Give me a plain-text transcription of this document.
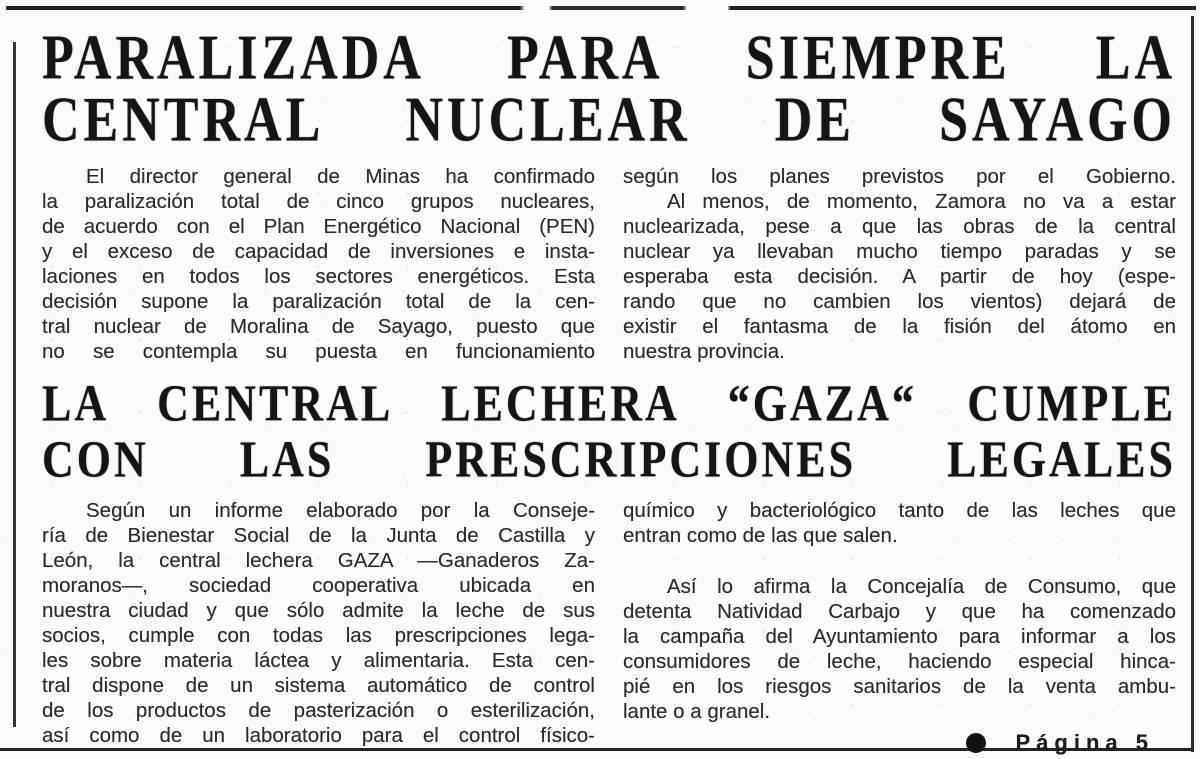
PARALIZADA PARA SIEMPRE LA
CENTRAL NUCLEAR DE SAYAGO
El director general de Minas ha confirmado
la paralización total de cinco grupos nucleares,
de acuerdo con el Plan Energético Nacional (PEN)
y el exceso de capacidad de inversiones e insta-
laciones en todos los sectores energéticos. Esta
decisión supone la paralización total de la cen-
tral nuclear de Moralina de Sayago, puesto que
no se contempla su puesta en funcionamiento
según los planes previstos por el Gobierno.
Al menos, de momento, Zamora no va a estar
nuclearizada, pese a que las obras de la central
nuclear ya llevaban mucho tiempo paradas y se
esperaba esta decisión. A partir de hoy (espe-
rando que no cambien los vientos) dejará de
existir el fantasma de la fisión del átomo en
nuestra provincia.
LA CENTRAL LECHERA “GAZA“ CUMPLE
CON LAS PRESCRIPCIONES LEGALES
Según un informe elaborado por la Conseje-
ría de Bienestar Social de la Junta de Castilla y
León, la central lechera GAZA —Ganaderos Za-
moranos—, sociedad cooperativa ubicada en
nuestra ciudad y que sólo admite la leche de sus
socios, cumple con todas las prescripciones lega-
les sobre materia láctea y alimentaria. Esta cen-
tral dispone de un sistema automático de control
de los productos de pasterización o esterilización,
así como de un laboratorio para el control físico-
químico y bacteriológico tanto de las leches que
entran como de las que salen.
Así lo afirma la Concejalía de Consumo, que
detenta Natividad Carbajo y que ha comenzado
la campaña del Ayuntamiento para informar a los
consumidores de leche, haciendo especial hinca-
pié en los riesgos sanitarios de la venta ambu-
lante o a granel.
Página 5
